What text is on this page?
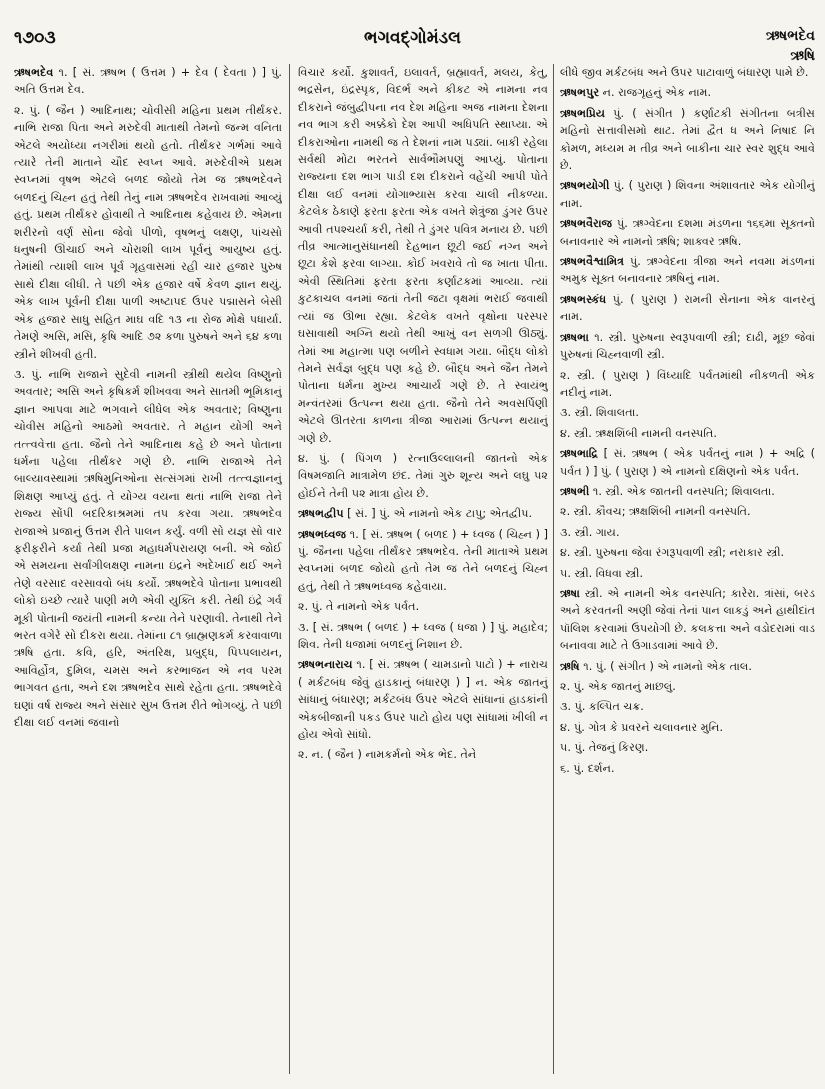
૧૭૦૩	ભગવદ્ગોમંડલ	ઋષભદેવ
ઋષિ

ઋષભદેવ ૧. [ સં. ઋષભ ( ઉત્તમ ) + દેવ ( દેવતા ) ] પું. અતિ ઉત્તમ દેવ.

૨. પું. ( જૈન ) આદિનાથ; ચોવીસી મહિના પ્રથમ તીર્થંકર. નાભિ રાજા પિતા અને મરુદેવી માતાથી તેમનો જન્મ વનિતા એટલે અયોધ્યા નગરીમાં થયો હતો. તીર્થંકર ગર્ભમાં આવે ત્યારે તેની માતાને ચૌદ સ્વપ્ન આવે. મરુદેવીએ પ્રથમ સ્વપ્નમાં વૃષભ એટલે બળદ જોયો તેમ જ ઋષભદેવને બળદનું ચિહ્ન હતું તેથી તેનું નામ ઋષભદેવ રાખવામાં આવ્યું હતું. પ્રથમ તીર્થંકર હોવાથી તે આદિનાથ કહેવાય છે. એમના શરીરનો વર્ણ સોના જેવો પીળો, વૃષભનું લક્ષણ, પાંચસો ધનુષની ઊંચાઈ અને ચોરાશી લાખ પૂર્વનું આયુષ્ય હતું. તેમાંથી ત્યાશી લાખ પૂર્વ ગૃહવાસમાં રહી ચાર હજાર પુરુષ સાથે દીક્ષા લીધી. તે પછી એક હજાર વર્ષે કેવળ જ્ઞાન થયું. એક લાખ પૂર્વની દીક્ષા પાળી અષ્ટાપદ ઉપર પદ્માસને બેસી એક હજાર સાધુ સહિત માઘ વદિ ૧૩ ના રોજ મોક્ષે પધાર્યા. તેમણે અસિ, મસિ, કૃષિ આદિ ૭૨ કળા પુરુષને અને ૬૪ કળા સ્ત્રીને શીખવી હતી.

૩. પું. નાભિ રાજાને સુદેવી નામની સ્ત્રીથી થયેલ વિષ્ણુનો અવતાર; અસિ અને કૃષિકર્મ શીખવવા અને સાતમી ભૂમિકાનું જ્ઞાન આપવા માટે ભગવાને લીધેલ એક અવતાર; વિષ્ણુના ચોવીસ મહિનો આઠમો અવતાર. તે મહાન યોગી અને તત્ત્વવેત્તા હતા. જૈનો તેને આદિનાથ કહે છે અને પોતાના ધર્મના પહેલા તીર્થંકર ગણે છે. નાભિ રાજાએ તેને બાલ્યાવસ્થામાં ઋષિમુનિઓના સત્સંગમાં રાખી તત્ત્વજ્ઞાનનું શિક્ષણ આપ્યું હતું. તે યોગ્ય વયના થતાં નાભિ રાજા તેને રાજ્ય સોંપી બદરિકાશ્રમમાં તપ કરવા ગયા. ઋષભદેવ રાજાએ પ્રજાનું ઉત્તમ રીતે પાલન કર્યું. વળી સો યજ્ઞ સો વાર ફરીફરીને કર્યા તેથી પ્રજા મહાધર્મપરાયણ બની. એ જોઈ એ સમયના સર્વાંગીલક્ષણ નામના ઇંદ્રને અદેખાઈ થઈ અને તેણે વરસાદ વરસાવવો બંધ કર્યો. ઋષભદેવે પોતાના પ્રભાવથી લોકો ઇચ્છે ત્યારે પાણી મળે એવી યુક્તિ કરી. તેથી ઇંદ્રે ગર્વ મૂકી પોતાની જયંતી નામની કન્યા તેને પરણાવી. તેનાથી તેને ભરત વગેરે સો દીકરા થયા. તેમાંના ૮૧ બ્રાહ્મણકર્મ કરવાવાળા ઋષિ હતા. કવિ, હરિ, અંતરિક્ષ, પ્રબુદ્ધ, પિપ્પલાયન, આવિર્હોત્ર, દુમિલ, ચમસ અને કરભાજન એ નવ પરમ ભાગવત હતા, અને દશ ઋષભદેવ સાથે રહેતા હતા. ઋષભદેવે ઘણાં વર્ષ રાજ્ય અને સંસાર સુખ ઉત્તમ રીતે ભોગવ્યું. તે પછી દીક્ષા લઈ વનમાં જવાનો

વિચાર કર્યો. કુશાવર્ત, ઇલાવર્ત, બ્રહ્માવર્ત, મલય, કેતુ, ભદ્રસેન, ઇંદ્રસ્પૃક, વિદર્ભ અને કીકટ એ નામના નવ દીકરાને જંબુદ્વીપના નવ દેશ મહિના અજ નામના દેશના નવ ભાગ કરી અક્કેકો દેશ આપી અધિપતિ સ્થાપ્યા. એ દીકરાઓના નામથી જ તે દેશનાં નામ પડ્યાં. બાકી રહેલા સર્વથી મોટા ભરતને સાર્વભૌમપણું આપ્યું. પોતાના રાજ્યના દશ ભાગ પાડી દશ દીકરાને વહેંચી આપી પોતે દીક્ષા લઈ વનમાં યોગાભ્યાસ કરવા ચાલી નીકળ્યા. કેટલેક ઠેકાણે ફરતા ફરતા એક વખતે શેત્રુંજા ડુંગર ઉપર આવી તપશ્ચર્યા કરી, તેથી તે ડુંગર પવિત્ર મનાય છે. પછી તીવ્ર આત્માનુસંધાનથી દેહભાન છૂટી જઈ નગ્ન અને છૂટા કેશે ફરવા લાગ્યા. કોઈ ખવરાવે તો જ ખાતા પીતા. એવી સ્થિતિમાં ફરતા ફરતા કર્ણાટકમાં આવ્યા. ત્યાં કુટકાચલ વનમાં જતાં તેની જટા વૃક્ષમાં ભરાઈ જવાથી ત્યાં જ ઊભા રહ્યા. કેટલેક વખતે વૃક્ષોના પરસ્પર ઘસાવાથી અગ્નિ થયો તેથી આખું વન સળગી ઊઠ્યું. તેમાં આ મહાત્મા પણ બળીને સ્વધામ ગયા. બૌદ્ધ લોકો તેમને સર્વજ્ઞ બુદ્ધ પણ કહે છે. બૌદ્ધ અને જૈન તેમને પોતાના ધર્મના મુખ્ય આચાર્ય ગણે છે. તે સ્વાયંભુ મન્વંતરમાં ઉત્પન્ન થયા હતા. જૈનો તેને અવસર્પિણી એટલે ઊતરતા કાળના ત્રીજા આરામાં ઉત્પન્ન થયાનું ગણે છે.

૪. પું. ( પિંગળ ) રત્નાઉલ્લાલની જાતનો એક વિષમજાતિ માત્રામેળ છંદ. તેમાં ગુરુ શૂન્ય અને લઘુ ૫૨ હોઈને તેની ૫૨ માત્રા હોય છે.

ઋષભદ્વીપ [ સં. ] પું. એ નામનો એક ટાપુ; એતદ્વીપ.

ઋષભધ્વજ ૧. [ સં. ઋષભ ( બળદ ) + ધ્વજ ( ચિહ્ન ) ] પું. જૈનના પહેલા તીર્થંકર ઋષભદેવ. તેની માતાએ પ્રથમ સ્વપ્નમાં બળદ જોયો હતો તેમ જ તેને બળદનું ચિહ્ન હતું, તેથી તે ઋષભધ્વજ કહેવાયા.

૨. પું. તે નામનો એક પર્વત.

૩. [ સં. ઋષભ ( બળદ ) + ધ્વજ ( ધજા ) ] પું. મહાદેવ; શિવ. તેની ધજામાં બળદનું નિશાન છે.

ઋષભનારાચ ૧. [ સં. ઋષભ ( ચામડાનો પાટો ) + નારાચ ( મર્કટબંધ જેવું હાડકાનું બંધારણ ) ] ન. એક જાતનું સાંધાનું બંધારણ; મર્કટબંધ ઉપર એટલે સાંધાનાં હાડકાંની એકબીજાની પકડ ઉપર પાટો હોય પણ સાંધામાં ખીલી ન હોય એવો સાંધો.

૨. ન. ( જૈન ) નામકર્મનો એક ભેદ. તેને

લીધે જીવ મર્કટબંધ અને ઉપર પાટાવાળું બંધારણ પામે છે.

ઋષભપુર ન. રાજગૃહનું એક નામ.

ઋષભપ્રિય પું. ( સંગીત ) કર્ણાટકી સંગીતના બત્રીસ મહિનો સત્તાવીસમો થાટ. તેમાં દ્વૈત ધ અને નિષાદ નિ કોમળ, મધ્યમ મ તીવ્ર અને બાકીના ચાર સ્વર શુદ્ધ આવે છે.

ઋષભયોગી પું. ( પુરાણ ) શિવના અંશાવતાર એક યોગીનું નામ.

ઋષભવૈરાજ પું. ઋગ્વેદના દશમા મંડળના ૧૬૬મા સૂક્તનો બનાવનાર એ નામનો ઋષિ; શાક્વર ઋષિ.

ઋષભવૈશ્વામિત્ર પું. ઋગ્વેદના ત્રીજા અને નવમા મંડળનાં અમુક સૂક્ત બનાવનાર ઋષિનું નામ.

ઋષભસ્કંધ પું. ( પુરાણ ) રામની સેનાના એક વાનરનું નામ.

ઋષભા ૧. સ્ત્રી. પુરુષના સ્વરૂપવાળી સ્ત્રી; દાઢી, મૂછ જેવાં પુરુષનાં ચિહ્નવાળી સ્ત્રી.

૨. સ્ત્રી. ( પુરાણ ) વિંધ્યાદિ પર્વતમાંથી નીકળતી એક નદીનું નામ.

૩. સ્ત્રી. શિવાલતા.

૪. સ્ત્રી. ઋક્ષશિંબી નામની વનસ્પતિ.

ઋષભાદ્રિ [ સં. ઋષભ ( એક પર્વતનું નામ ) + અદ્રિ ( પર્વત ) ] પું. ( પુરાણ ) એ નામનો દક્ષિણનો એક પર્વત.

ઋષભી ૧. સ્ત્રી. એક જાતની વનસ્પતિ; શિવાલતા.

૨. સ્ત્રી. કૌવચ; ઋક્ષશિંબી નામની વનસ્પતિ.

૩. સ્ત્રી. ગાય.

૪. સ્ત્રી. પુરુષના જેવા રંગરૂપવાળી સ્ત્રી; નરાકાર સ્ત્રી.

૫. સ્ત્રી. વિધવા સ્ત્રી.

ઋષા સ્ત્રી. એ નામની એક વનસ્પતિ; કારેરા. ત્રાંસાં, બરડ અને કરવતની અણી જેવાં તેનાં પાન લાકડું અને હાથીદાંત પૉલિશ કરવામાં ઉપયોગી છે. કલકત્તા અને વડોદરામાં વાડ બનાવવા માટે તે ઉગાડવામાં આવે છે.

ઋષિ ૧. પું. ( સંગીત ) એ નામનો એક તાલ.

૨. પું. એક જાતનું માછલું.

૩. પું. કલ્પિત ચક્ર.

૪. પું. ગોત્ર કે પ્રવરને ચલાવનાર મુનિ.

૫. પું. તેજનું કિરણ.

૬. પું. દર્શન.
